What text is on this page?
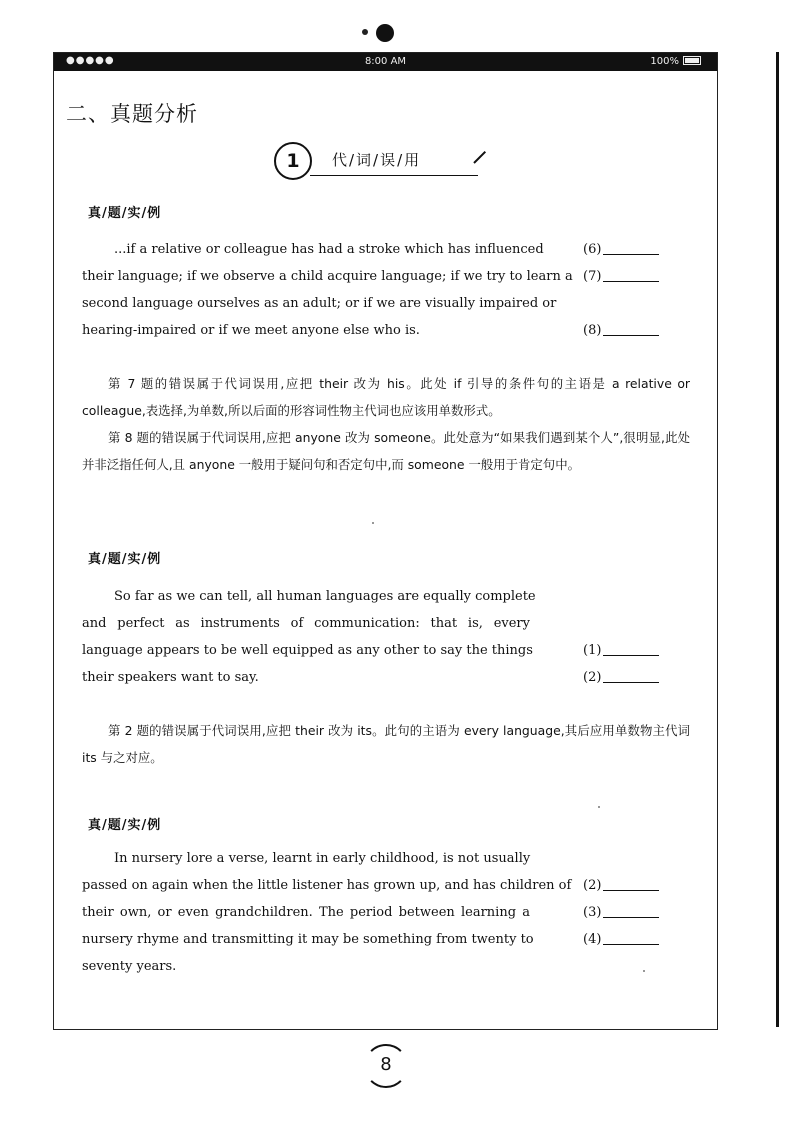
●●●●●	8:00 AM	100%
二、真题分析
1	代/词/误/用
真/题/实/例

...if a relative or colleague has had a stroke which has influenced

their language; if we observe a child acquire language; if we try to learn a

second language ourselves as an adult; or if we are visually impaired or

hearing-impaired or if we meet anyone else who is.

(6)
(7)
(8)

第 7 题的错误属于代词误用,应把 their 改为 his。此处 if 引导的条件句的主语是 a relative or colleague,表选择,为单数,所以后面的形容词性物主代词也应该用单数形式。

第 8 题的错误属于代词误用,应把 anyone 改为 someone。此处意为“如果我们遇到某个人”,很明显,此处并非泛指任何人,且 anyone 一般用于疑问句和否定句中,而 someone 一般用于肯定句中。

真/题/实/例

So far as we can tell, all human languages are equally complete

and perfect as instruments of communication: that is, every

language appears to be well equipped as any other to say the things

their speakers want to say.

(1)
(2)

第 2 题的错误属于代词误用,应把 their 改为 its。此句的主语为 every language,其后应用单数物主代词 its 与之对应。

真/题/实/例

In nursery lore a verse, learnt in early childhood, is not usually

passed on again when the little listener has grown up, and has children of

their own, or even grandchildren. The period between learning a

nursery rhyme and transmitting it may be something from twenty to

seventy years.

(2)
(3)
(4)
8
